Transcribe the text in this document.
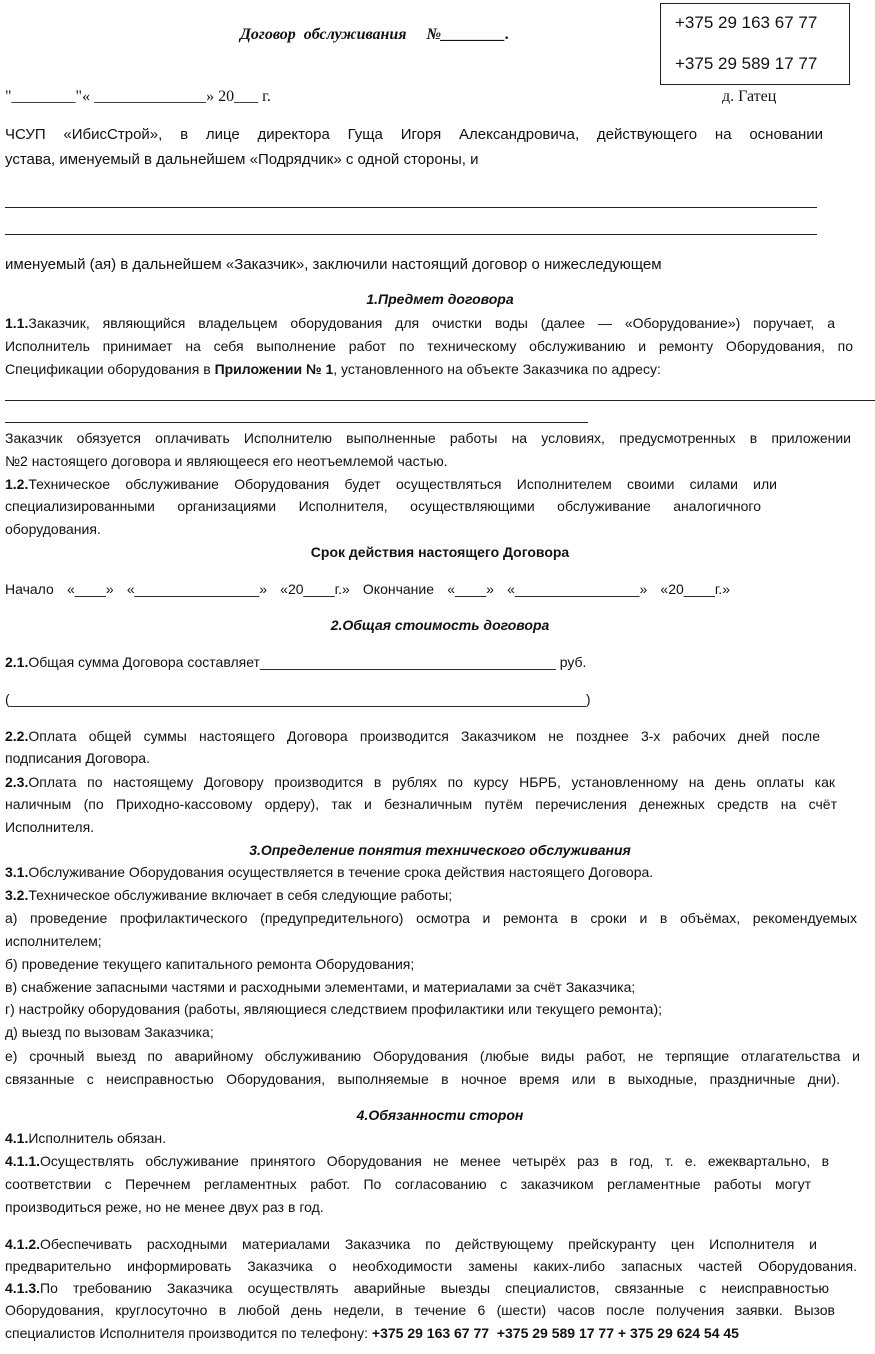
Договор  обслуживания     №________.
+375 29 163 67 77
+375 29 589 17 77
"________"« ______________» 20___ г.	д. Гатец
ЧСУП «ИбисСтрой», в лице директора Гуща Игоря Александровича, действующего на основании
устава, именуемый в дальнейшем «Подрядчик» с одной стороны, и
именуемый (ая) в дальнейшем «Заказчик», заключили настоящий договор о нижеследующем
1.Предмет договора
1.1.Заказчик, являющийся владельцем оборудования для очистки воды (далее — «Оборудование») поручает, а
Исполнитель принимает на себя выполнение работ по техническому обслуживанию и ремонту Оборудования, по
Спецификации оборудования в Приложении № 1, установленного на объекте Заказчика по адресу:
Заказчик обязуется оплачивать Исполнителю выполненные работы на условиях, предусмотренных в приложении
№2 настоящего договора и являющееся его неотъемлемой частью.
1.2.Техническое обслуживание Оборудования будет осуществляться Исполнителем своими силами или
специализированными организациями Исполнителя, осуществляющими обслуживание аналогичного
оборудования.
Срок действия настоящего Договора
Начало «____» «________________» «20____г.» Окончание «____» «________________» «20____г.»
2.Общая стоимость договора
2.1.Общая сумма Договора составляет______________________________________ руб.
(__________________________________________________________________________)
2.2.Оплата общей суммы настоящего Договора производится Заказчиком не позднее 3-х рабочих дней после
подписания Договора.
2.3.Оплата по настоящему Договору производится в рублях по курсу НБРБ, установленному на день оплаты как
наличным (по Приходно-кассовому ордеру), так и безналичным путём перечисления денежных средств на счёт
Исполнителя.
3.Определение понятия технического обслуживания
3.1.Обслуживание Оборудования осуществляется в течение срока действия настоящего Договора.
3.2.Техническое обслуживание включает в себя следующие работы;
а) проведение профилактического (предупредительного) осмотра и ремонта в сроки и в объёмах, рекомендуемых
исполнителем;
б) проведение текущего капитального ремонта Оборудования;
в) снабжение запасными частями и расходными элементами, и материалами за счёт Заказчика;
г) настройку оборудования (работы, являющиеся следствием профилактики или текущего ремонта);
д) выезд по вызовам Заказчика;
е) срочный выезд по аварийному обслуживанию Оборудования (любые виды работ, не терпящие отлагательства и
связанные с неисправностью Оборудования, выполняемые в ночное время или в выходные, праздничные дни).
4.Обязанности сторон
4.1.Исполнитель обязан.
4.1.1.Осуществлять обслуживание принятого Оборудования не менее четырёх раз в год, т. е. ежеквартально, в
соответствии с Перечнем регламентных работ. По согласованию с заказчиком регламентные работы могут
производиться реже, но не менее двух раз в год.
4.1.2.Обеспечивать расходными материалами Заказчика по действующему прейскуранту цен Исполнителя и
предварительно информировать Заказчика о необходимости замены каких-либо запасных частей Оборудования.
4.1.3.По требованию Заказчика осуществлять аварийные выезды специалистов, связанные с неисправностью
Оборудования, круглосуточно в любой день недели, в течение 6 (шести) часов после получения заявки. Вызов
специалистов Исполнителя производится по телефону: +375 29 163 67 77  +375 29 589 17 77 + 375 29 624 54 45
